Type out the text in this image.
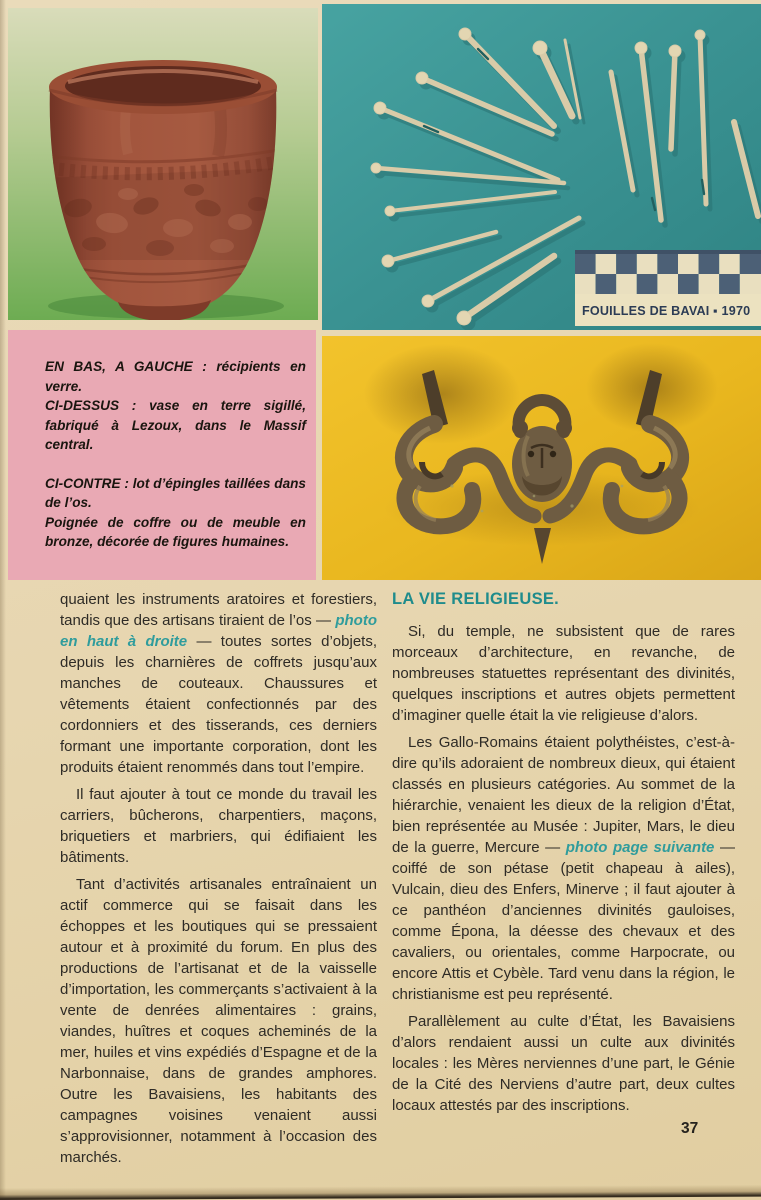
FOUILLES DE BAVAI ▪ 1970

EN BAS, A GAUCHE : récipients en verre.

CI-DESSUS : vase en terre sigillé, fabriqué à Lezoux, dans le Massif central.

CI-CONTRE : lot d’épingles taillées dans de l’os.

Poignée de coffre ou de meuble en bronze, décorée de figures humaines.

quaient les instruments aratoires et forestiers, tandis que des artisans tiraient de l’os — photo en haut à droite — toutes sortes d’objets, depuis les charnières de coffrets jusqu’aux manches de couteaux. Chaussures et vêtements étaient confectionnés par des cordonniers et des tisserands, ces derniers formant une importante corporation, dont les produits étaient renommés dans tout l’empire.

Il faut ajouter à tout ce monde du travail les carriers, bûcherons, charpentiers, maçons, briquetiers et marbriers, qui édifiaient les bâtiments.

Tant d’activités artisanales entraînaient un actif commerce qui se faisait dans les échoppes et les boutiques qui se pressaient autour et à proximité du forum. En plus des productions de l’artisanat et de la vaisselle d’importation, les commerçants s’activaient à la vente de denrées alimentaires : grains, viandes, huîtres et coques acheminés de la mer, huiles et vins expédiés d’Espagne et de la Narbonnaise, dans de grandes amphores. Outre les Bavaisiens, les habitants des campagnes voisines venaient aussi s’approvisionner, notamment à l’occasion des marchés.

LA VIE RELIGIEUSE.

Si, du temple, ne subsistent que de rares morceaux d’architecture, en revanche, de nombreuses statuettes représentant des divinités, quelques inscriptions et autres objets permettent d’imaginer quelle était la vie religieuse d’alors.

Les Gallo-Romains étaient polythéistes, c’est-à-dire qu’ils adoraient de nombreux dieux, qui étaient classés en plusieurs catégories. Au sommet de la hiérarchie, venaient les dieux de la religion d’État, bien représentée au Musée : Jupiter, Mars, le dieu de la guerre, Mercure — photo page suivante — coiffé de son pétase (petit chapeau à ailes), Vulcain, dieu des Enfers, Minerve ; il faut ajouter à ce panthéon d’anciennes divinités gauloises, comme Épona, la déesse des chevaux et des cavaliers, ou orientales, comme Harpocrate, ou encore Attis et Cybèle. Tard venu dans la région, le christianisme est peu représenté.

Parallèlement au culte d’État, les Bavaisiens d’alors rendaient aussi un culte aux divinités locales : les Mères nerviennes d’une part, le Génie de la Cité des Nerviens d’autre part, deux cultes locaux attestés par des inscriptions.

37
